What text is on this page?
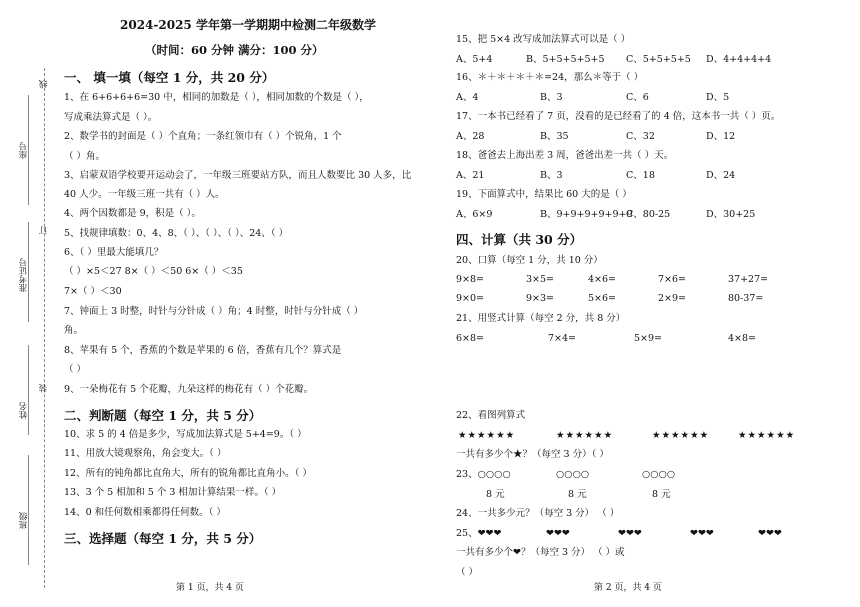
线
订
装
座号
准考证号
姓名
班级
2024-2025 学年第一学期期中检测二年级数学
（时间：60 分钟 满分：100 分）
一、 填一填（每空 1 分，共 20 分）
1、在 6+6+6+6=30 中，相同的加数是（ ），相同加数的个数是（ ），
写成乘法算式是（ ）。
2、数学书的封面是（ ）个直角；一条红领巾有（ ）个锐角，1 个
（ ）角。
3、启蒙双语学校要开运动会了，一年级三班要站方队，而且人数要比 30 人多，比
40 人少。一年级三班一共有（ ）人。
4、两个因数都是 9，积是（ ）。
5、找规律填数：0、4、8、（ ）、（ ）、（ ）、24、（ ）
6、（ ）里最大能填几？
（ ）×5＜27 8×（ ）＜50 6×（ ）＜35
7×（ ）＜30
7、钟面上 3 时整，时针与分针成（ ）角；4 时整，时针与分针成（ ）
角。
8、苹果有 5 个，香蕉的个数是苹果的 6 倍，香蕉有几个？算式是
（ ）
9、一朵梅花有 5 个花瓣，九朵这样的梅花有（ ）个花瓣。
二、判断题（每空 1 分，共 5 分）
10、求 5 的 4 倍是多少，写成加法算式是 5+4=9。（ ）
11、用放大镜观察角，角会变大。（ ）
12、所有的钝角都比直角大，所有的锐角都比直角小。（ ）
13、3 个 5 相加和 5 个 3 相加计算结果一样。（ ）
14、0 和任何数相乘都得任何数。（ ）
三、选择题（每空 1 分，共 5 分）
第 1 页，共 4 页
15、把 5×4 改写成加法算式可以是（ ）
A、5+4	B、5+5+5+5+5 C、5+5+5+5 D、4+4+4+4
16、＊＋＊＋＊＋＊=24，那么＊等于（ ）
A、4	B、3	C、6	D、5
17、一本书已经看了 7 页，没看的是已经看了的 4 倍，这本书一共（ ）页。
A、28	B、35	C、32	D、12
18、爸爸去上海出差 3 周，爸爸出差一共（ ）天。
A、21	B、3	C、18	D、24
19、下面算式中，结果比 60 大的是（ ）
A、6×9	B、9+9+9+9+9+9
C、80-25	D、30+25
四、计算（共 30 分）
20、口算（每空 1 分，共 10 分）
9×8=	3×5=	4×6=	7×6=	37+27=
9×0=	9×3=	5×6=	2×9=	80-37=
21、用竖式计算（每空 2 分，共 8 分）
6×8=	7×4=	5×9=	4×8=
22、看图列算式
★★★★★★	★★★★★★	★★★★★★	★★★★★★
一共有多少个★？（每空 3 分）（ ）
23、○○○○	○○○○	○○○○
8 元	8 元	8 元
24、一共多少元？（每空 3 分） （ ）
25、❤❤❤	❤❤❤	❤❤❤	❤❤❤	❤❤❤
一共有多少个❤？（每空 3 分） （ ）或
（ ）
第 2 页，共 4 页
